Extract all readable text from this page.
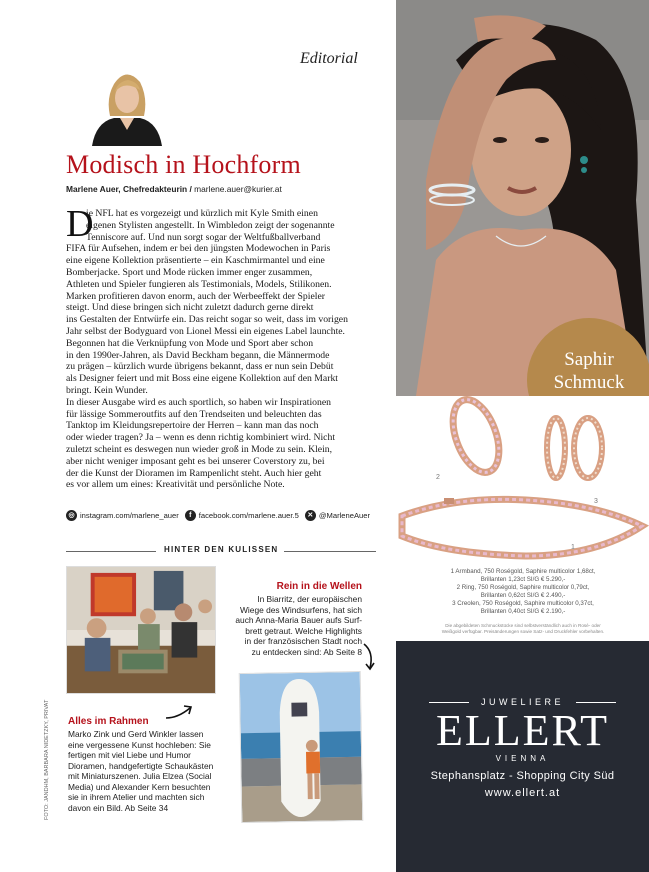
Editorial
Modisch in Hochform
Marlene Auer, Chefredakteurin / marlene.auer@kurier.at
D
ie NFL hat es vorgezeigt und kürzlich mit Kyle Smith einen
eigenen Stylisten angestellt. In Wimbledon zeigt der sogenannte
Tenniscore auf. Und nun sorgt sogar der Weltfußballverband
FIFA für Aufsehen, indem er bei den jüngsten Modewochen in Paris
eine eigene Kollektion präsentierte – ein Kaschmirmantel und eine
Bomberjacke. Sport und Mode rücken immer enger zusammen,
Athleten und Spieler fungieren als Testimonials, Models, Stilikonen.
Marken profitieren davon enorm, auch der Werbeeffekt der Spieler
steigt. Und diese bringen sich nicht zuletzt dadurch gerne direkt
ins Gestalten der Entwürfe ein. Das reicht sogar so weit, dass im vorigen
Jahr selbst der Bodyguard von Lionel Messi ein eigenes Label launchte.
Begonnen hat die Verknüpfung von Mode und Sport aber schon
in den 1990er-Jahren, als David Beckham begann, die Männermode
zu prägen – kürzlich wurde übrigens bekannt, dass er nun sein Debüt
als Designer feiert und mit Boss eine eigene Kollektion auf den Markt
bringt. Kein Wunder.
In dieser Ausgabe wird es auch sportlich, so haben wir Inspirationen
für lässige Sommeroutfits auf den Trendseiten und beleuchten das
Tanktop im Kleidungsrepertoire der Herren – kann man das noch
oder wieder tragen? Ja – wenn es denn richtig kombiniert wird. Nicht
zuletzt scheint es deswegen nun wieder groß in Mode zu sein. Klein,
aber nicht weniger imposant geht es bei unserer Coverstory zu, bei
der die Kunst der Dioramen im Rampenlicht steht. Auch hier geht
es vor allem um eines: Kreativität und persönliche Note.
◎ instagram.com/marlene_auer	f facebook.com/marlene.auer.5	✕ @MarleneAuer
HINTER DEN KULISSEN
Rein in die Wellen
In Biarritz, der europäischen
Wiege des Windsurfens, hat sich
auch Anna-Maria Bauer aufs Surf-
brett getraut. Welche Highlights
in der französischen Stadt noch
zu entdecken sind: Ab Seite 8
Alles im Rahmen
Marko Zink und Gerd Winkler lassen
eine vergessene Kunst hochleben: Sie
fertigen mit viel Liebe und Humor
Dioramen, handgefertigte Schaukästen
mit Miniaturszenen. Julia Elzea (Social
Media) und Alexander Kern besuchten
sie in ihrem Atelier und machten sich
davon ein Bild. Ab Seite 34
FOTO: JANDHM, BARBARA NIDETZKY, PRIVAT
Saphir
Schmuck
2
3
1
1 Armband, 750 Roségold, Saphire multicolor 1,68ct,
Brillanten 1,23ct SI/G € 5.290,-
2 Ring, 750 Roségold, Saphire multicolor 0,79ct,
Brillanten 0,62ct SI/G € 2.490,-
3 Creolen, 750 Roségold, Saphire multicolor 0,37ct,
Brillanten 0,40ct SI/G € 2.190,-
Die abgebildeten Schmuckstücke sind selbstverständlich auch in Rosé- oder
Weißgold verfügbar. Preisänderungen sowie Satz- und Druckfehler vorbehalten.
JUWELIERE
ELLERT
VIENNA
Stephansplatz - Shopping City Süd
www.ellert.at
